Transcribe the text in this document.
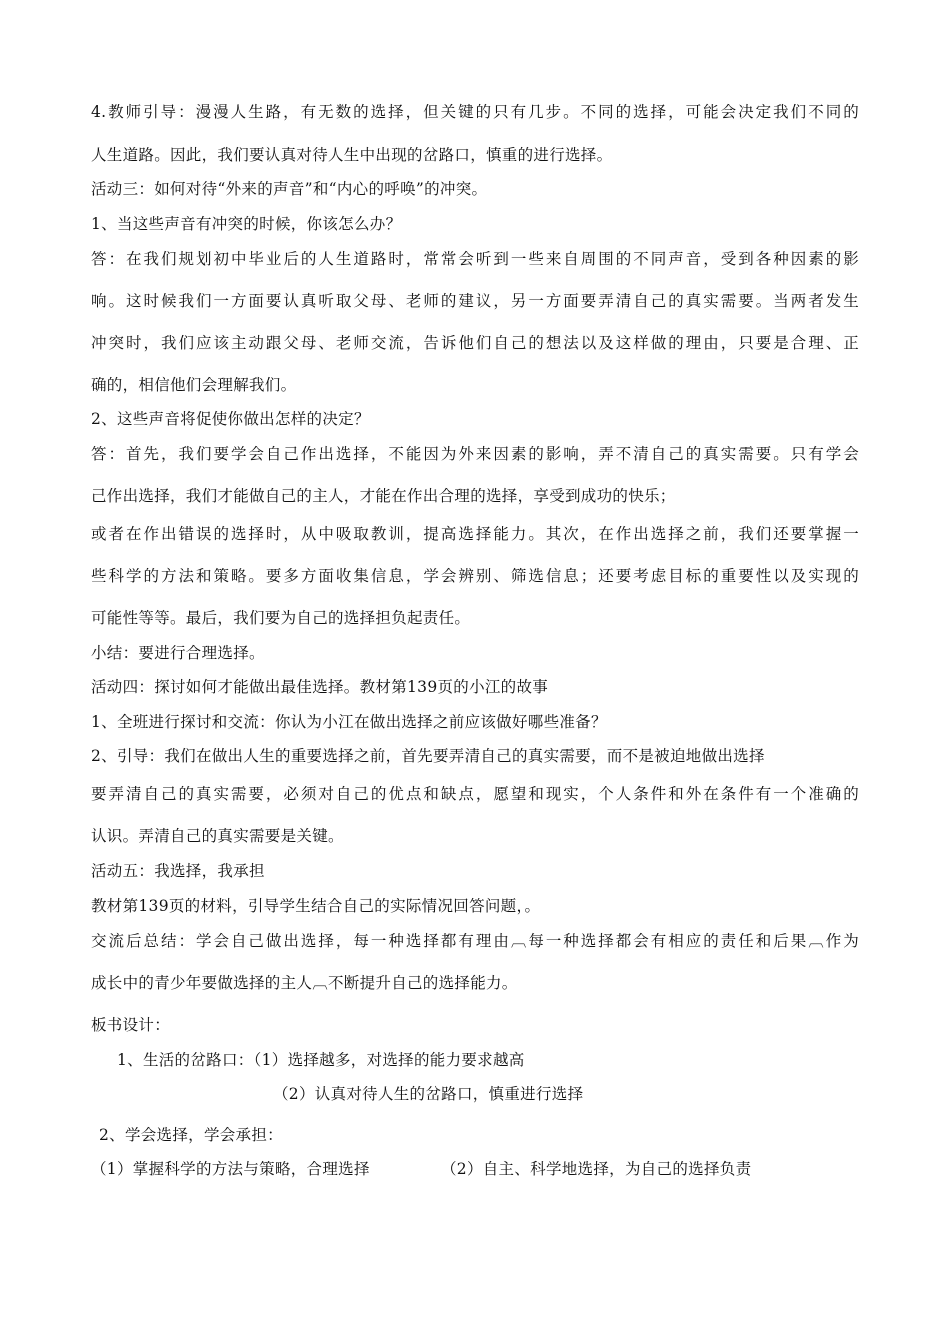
4.教师引导：漫漫人生路，有无数的选择，但关键的只有几步。不同的选择，可能会决定我们不同的
人生道路。因此，我们要认真对待人生中出现的岔路口，慎重的进行选择。
活动三：如何对待“外来的声音”和“内心的呼唤”的冲突。
1、当这些声音有冲突的时候，你该怎么办？
答：在我们规划初中毕业后的人生道路时，常常会听到一些来自周围的不同声音，受到各种因素的影
响。这时候我们一方面要认真听取父母、老师的建议，另一方面要弄清自己的真实需要。当两者发生
冲突时，我们应该主动跟父母、老师交流，告诉他们自己的想法以及这样做的理由，只要是合理、正
确的，相信他们会理解我们。
2、这些声音将促使你做出怎样的决定？
答：首先，我们要学会自己作出选择，不能因为外来因素的影响，弄不清自己的真实需要。只有学会
己作出选择，我们才能做自己的主人，才能在作出合理的选择，享受到成功的快乐；
或者在作出错误的选择时，从中吸取教训，提高选择能力。其次，在作出选择之前，我们还要掌握一
些科学的方法和策略。要多方面收集信息，学会辨别、筛选信息；还要考虑目标的重要性以及实现的
可能性等等。最后，我们要为自己的选择担负起责任。
小结：要进行合理选择。
活动四：探讨如何才能做出最佳选择。教材第139页的小江的故事
1、全班进行探讨和交流：你认为小江在做出选择之前应该做好哪些准备？
2、引导：我们在做出人生的重要选择之前，首先要弄清自己的真实需要，而不是被迫地做出选择
要弄清自己的真实需要，必须对自己的优点和缺点，愿望和现实，个人条件和外在条件有一个准确的
认识。弄清自己的真实需要是关键。
活动五：我选择，我承担
教材第139页的材料，引导学生结合自己的实际情况回答问题，。
交流后总结：学会自己做出选择，每一种选择都有理由︹每一种选择都会有相应的责任和后果︹作为
成长中的青少年要做选择的主人︹不断提升自己的选择能力。
板书设计：
1、生活的岔路口：（1）选择越多，对选择的能力要求越高
（2）认真对待人生的岔路口，慎重进行选择
2、学会选择，学会承担：
（1）掌握科学的方法与策略，合理选择	（2）自主、科学地选择，为自己的选择负责
